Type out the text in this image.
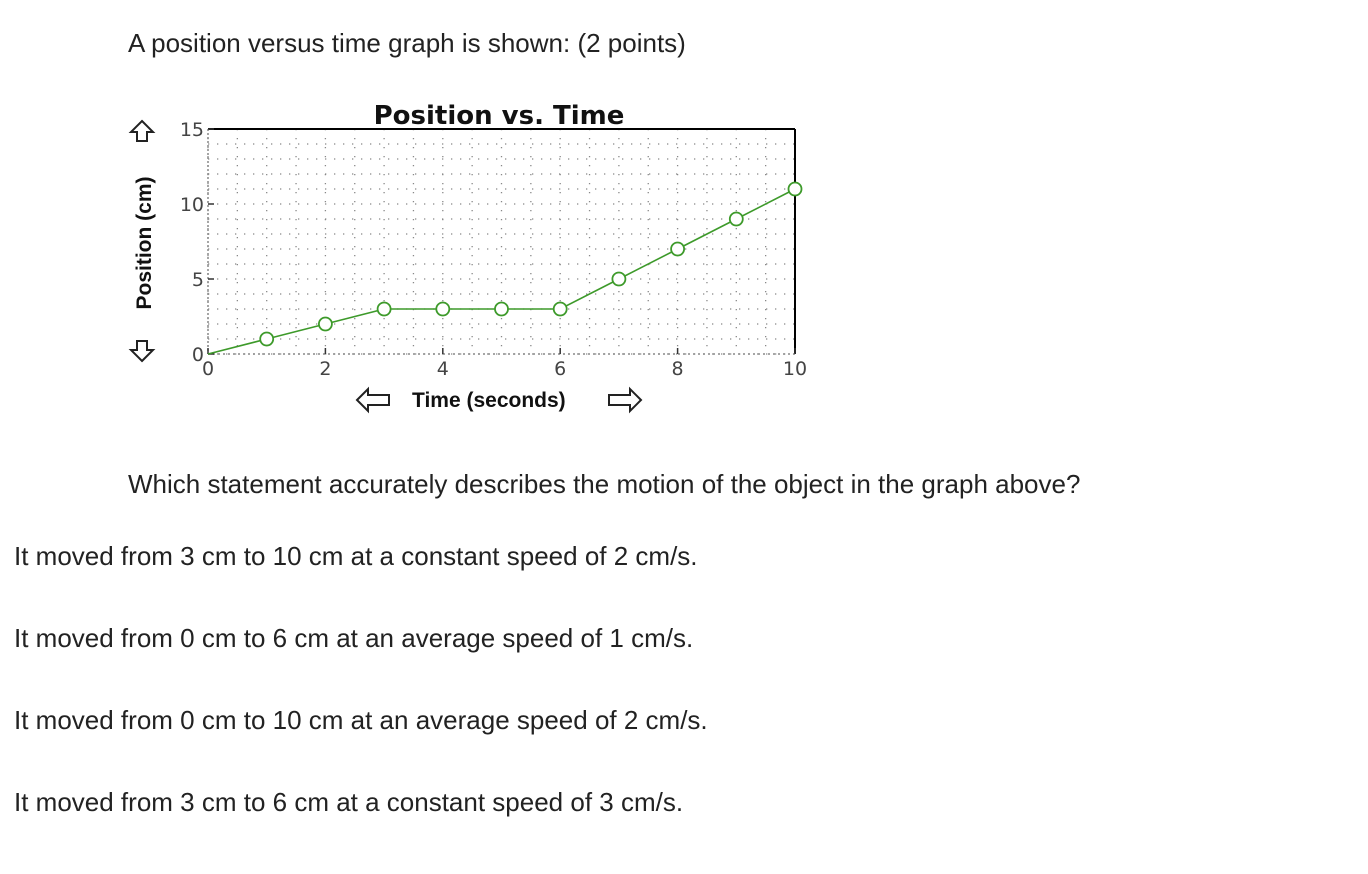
A position versus time graph is shown: (2 points)
Position vs. Time
0	2	4	6	8	10
0
5
10
15
Position (cm)
Time (seconds)
Which statement accurately describes the motion of the object in the graph above?
It moved from 3 cm to 10 cm at a constant speed of 2 cm/s.
It moved from 0 cm to 6 cm at an average speed of 1 cm/s.
It moved from 0 cm to 10 cm at an average speed of 2 cm/s.
It moved from 3 cm to 6 cm at a constant speed of 3 cm/s.
